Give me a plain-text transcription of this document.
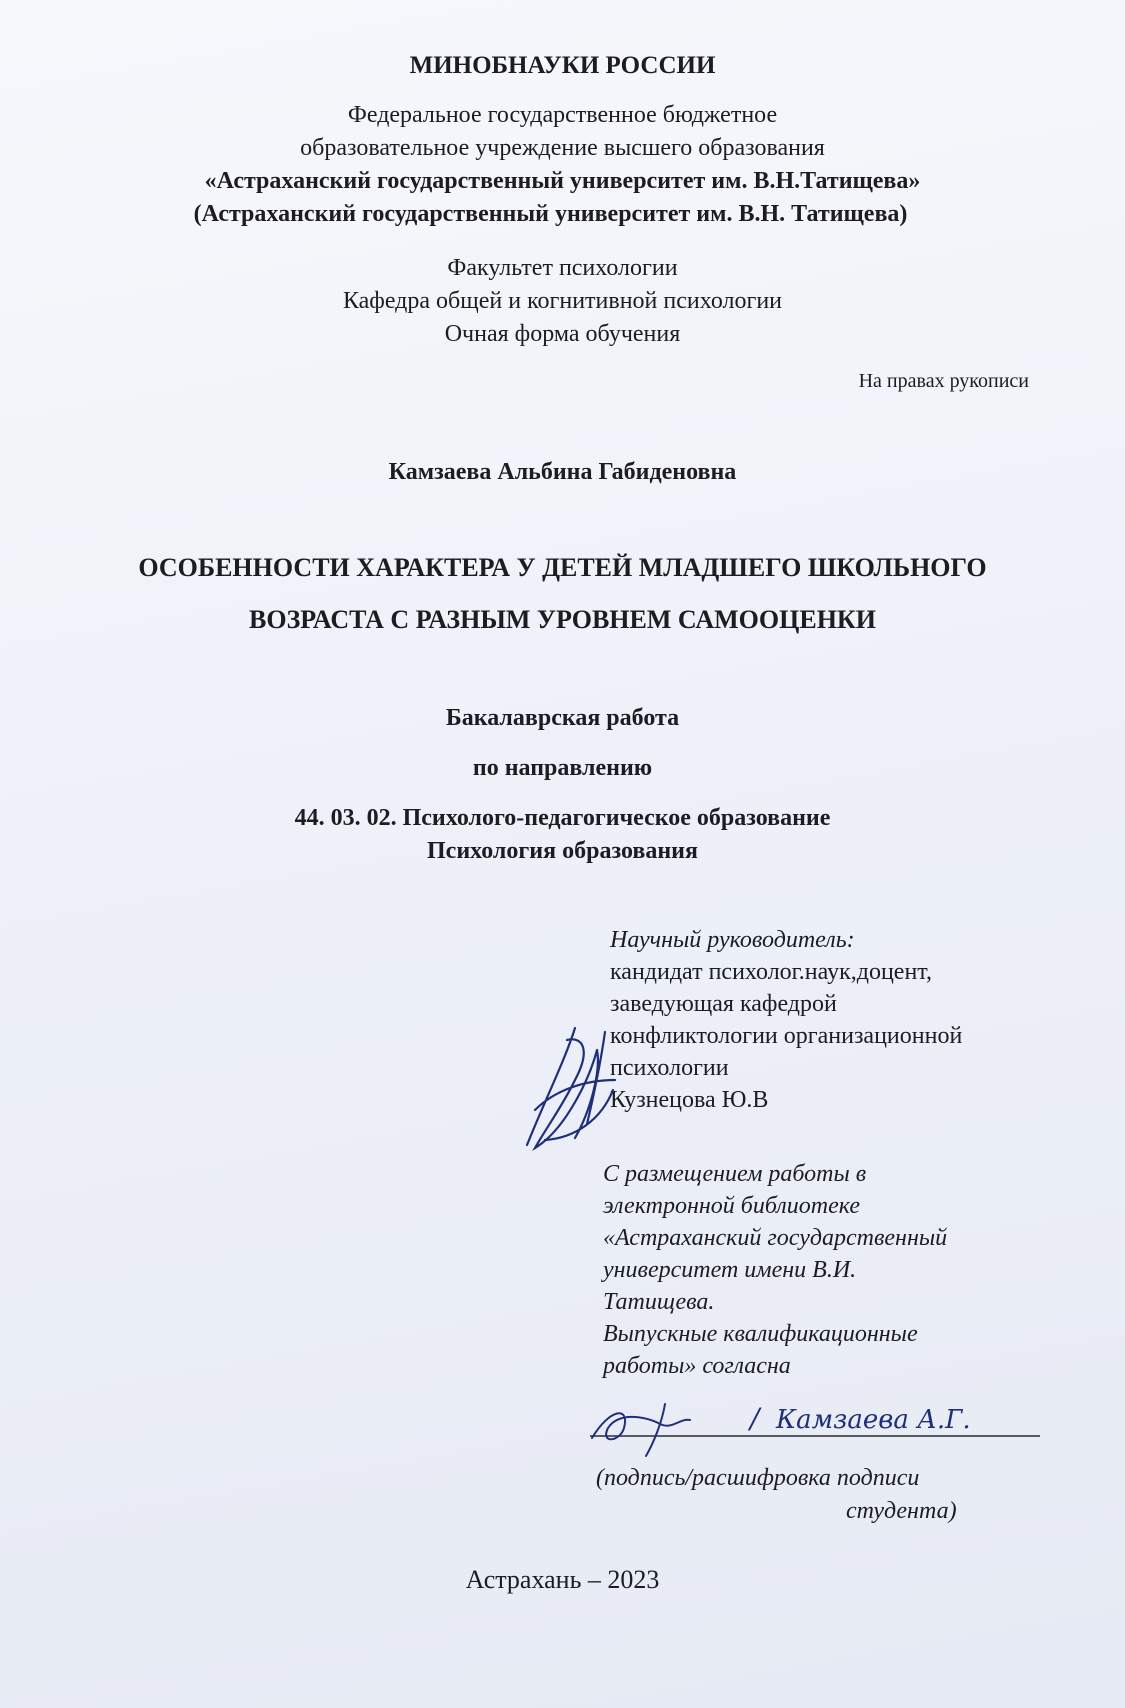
МИНОБНАУКИ РОССИИ
Федеральное государственное бюджетное
образовательное учреждение высшего образования
«Астраханский государственный университет им. В.Н.Татищева»
(Астраханский государственный университет им. В.Н. Татищева)
Факультет психологии
Кафедра общей и когнитивной психологии
Очная форма обучения
На правах рукописи
Камзаева Альбина Габиденовна
ОСОБЕННОСТИ ХАРАКТЕРА У ДЕТЕЙ МЛАДШЕГО ШКОЛЬНОГО
ВОЗРАСТА С РАЗНЫМ УРОВНЕМ САМООЦЕНКИ
Бакалаврская работа
по направлению
44. 03. 02. Психолого-педагогическое образование
Психология образования
Научный руководитель:
кандидат психолог.наук,доцент,
заведующая кафедрой
конфликтологии организационной
психологии
Кузнецова Ю.В
С размещением работы в
электронной библиотеке
«Астраханский государственный
университет имени В.И.
Татищева.
Выпускные квалификационные
работы» согласна
/ Камзаева А.Г.
(подпись/расшифровка подписи
студента)
Астрахань – 2023
